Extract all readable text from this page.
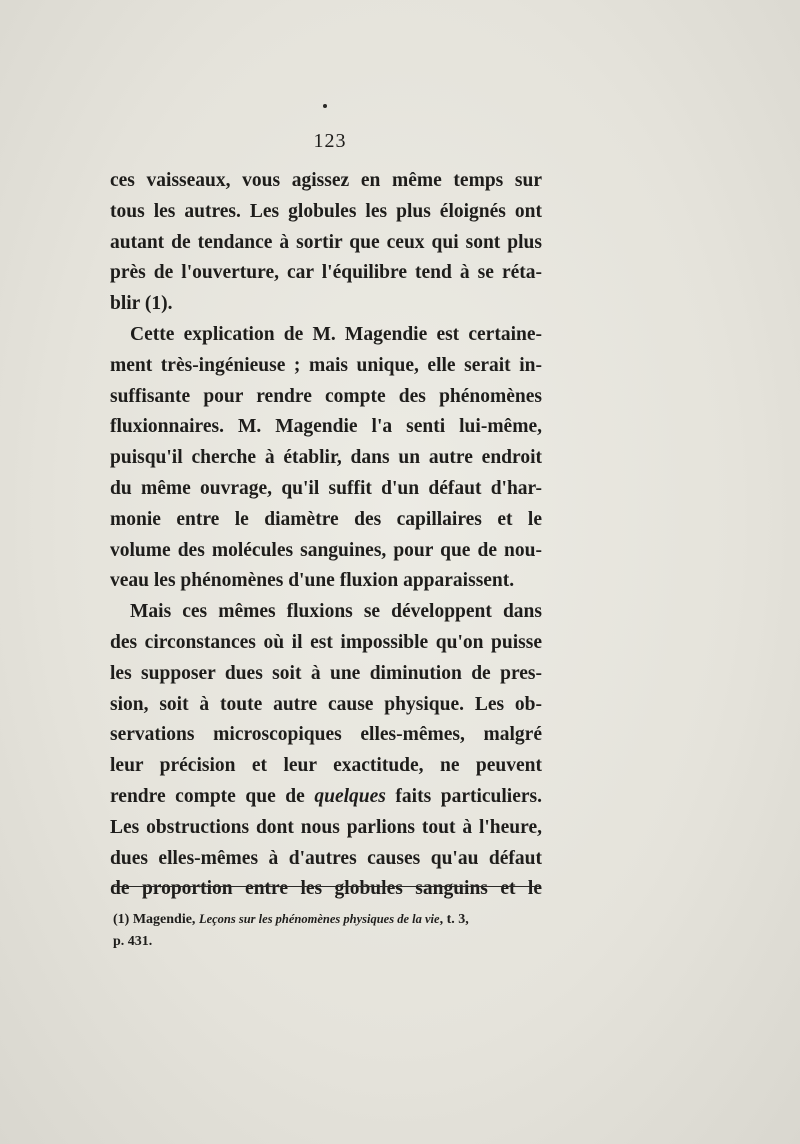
123
ces vaisseaux, vous agissez en même temps sur
tous les autres. Les globules les plus éloignés ont
autant de tendance à sortir que ceux qui sont plus
près de l'ouverture, car l'équilibre tend à se réta-
blir (1).
Cette explication de M. Magendie est certaine-
ment très-ingénieuse ; mais unique, elle serait in-
suffisante pour rendre compte des phénomènes
fluxionnaires. M. Magendie l'a senti lui-même,
puisqu'il cherche à établir, dans un autre endroit
du même ouvrage, qu'il suffit d'un défaut d'har-
monie entre le diamètre des capillaires et le
volume des molécules sanguines, pour que de nou-
veau les phénomènes d'une fluxion apparaissent.
Mais ces mêmes fluxions se développent dans
des circonstances où il est impossible qu'on puisse
les supposer dues soit à une diminution de pres-
sion, soit à toute autre cause physique. Les ob-
servations microscopiques elles-mêmes, malgré
leur précision et leur exactitude, ne peuvent
rendre compte que de quelques faits particuliers.
Les obstructions dont nous parlions tout à l'heure,
dues elles-mêmes à d'autres causes qu'au défaut
de proportion entre les globules sanguins et le
(1) Magendie, Leçons sur les phénomènes physiques de la vie, t. 3,
p. 431.
